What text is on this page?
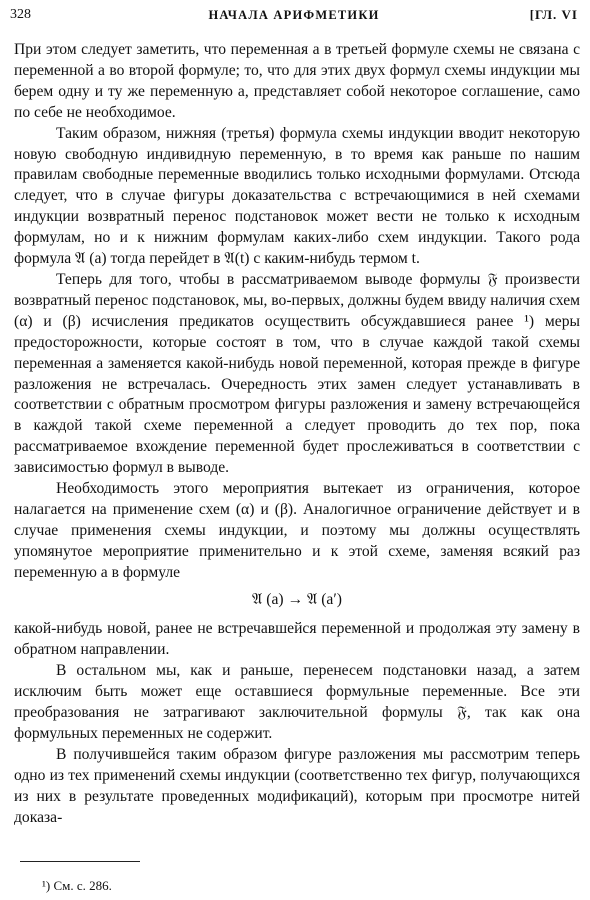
328	НАЧАЛА АРИФМЕТИКИ	[ГЛ. VI

При этом следует заметить, что переменная a в третьей формуле схемы не связана с переменной a во второй формуле; то, что для этих двух формул схемы индукции мы берем одну и ту же переменную a, представляет собой некоторое соглашение, само по себе не необходимое.

Таким образом, нижняя (третья) формула схемы индукции вводит некоторую новую свободную индивидную переменную, в то время как раньше по нашим правилам свободные переменные вводились только исходными формулами. Отсюда следует, что в случае фигуры доказательства с встречающимися в ней схемами индукции возвратный перенос подстановок может вести не только к исходным формулам, но и к нижним формулам каких-либо схем индукции. Такого рода формула 𝔄 (a) тогда перейдет в 𝔄(t) с каким-нибудь термом t.

Теперь для того, чтобы в рассматриваемом выводе формулы 𝔉 произвести возвратный перенос подстановок, мы, во-первых, должны будем ввиду наличия схем (α) и (β) исчисления предикатов осуществить обсуждавшиеся ранее ¹) меры предосторожности, которые состоят в том, что в случае каждой такой схемы переменная a заменяется какой-нибудь новой переменной, которая прежде в фигуре разложения не встречалась. Очередность этих замен следует устанавливать в соответствии с обратным просмотром фигуры разложения и замену встречающейся в каждой такой схеме переменной a следует проводить до тех пор, пока рассматриваемое вхождение переменной будет прослеживаться в соответствии с зависимостью формул в выводе.

Необходимость этого мероприятия вытекает из ограничения, которое налагается на применение схем (α) и (β). Аналогичное ограничение действует и в случае применения схемы индукции, и поэтому мы должны осуществлять упомянутое мероприятие применительно и к этой схеме, заменяя всякий раз переменную a в формуле

𝔄 (a) → 𝔄 (a′)

какой-нибудь новой, ранее не встречавшейся переменной и продолжая эту замену в обратном направлении.

В остальном мы, как и раньше, перенесем подстановки назад, а затем исключим быть может еще оставшиеся формульные переменные. Все эти преобразования не затрагивают заключительной формулы 𝔉, так как она формульных переменных не содержит.

В получившейся таким образом фигуре разложения мы рассмотрим теперь одно из тех применений схемы индукции (соответственно тех фигур, получающихся из них в результате проведенных модификаций), которым при просмотре нитей доказа-

¹) См. с. 286.
